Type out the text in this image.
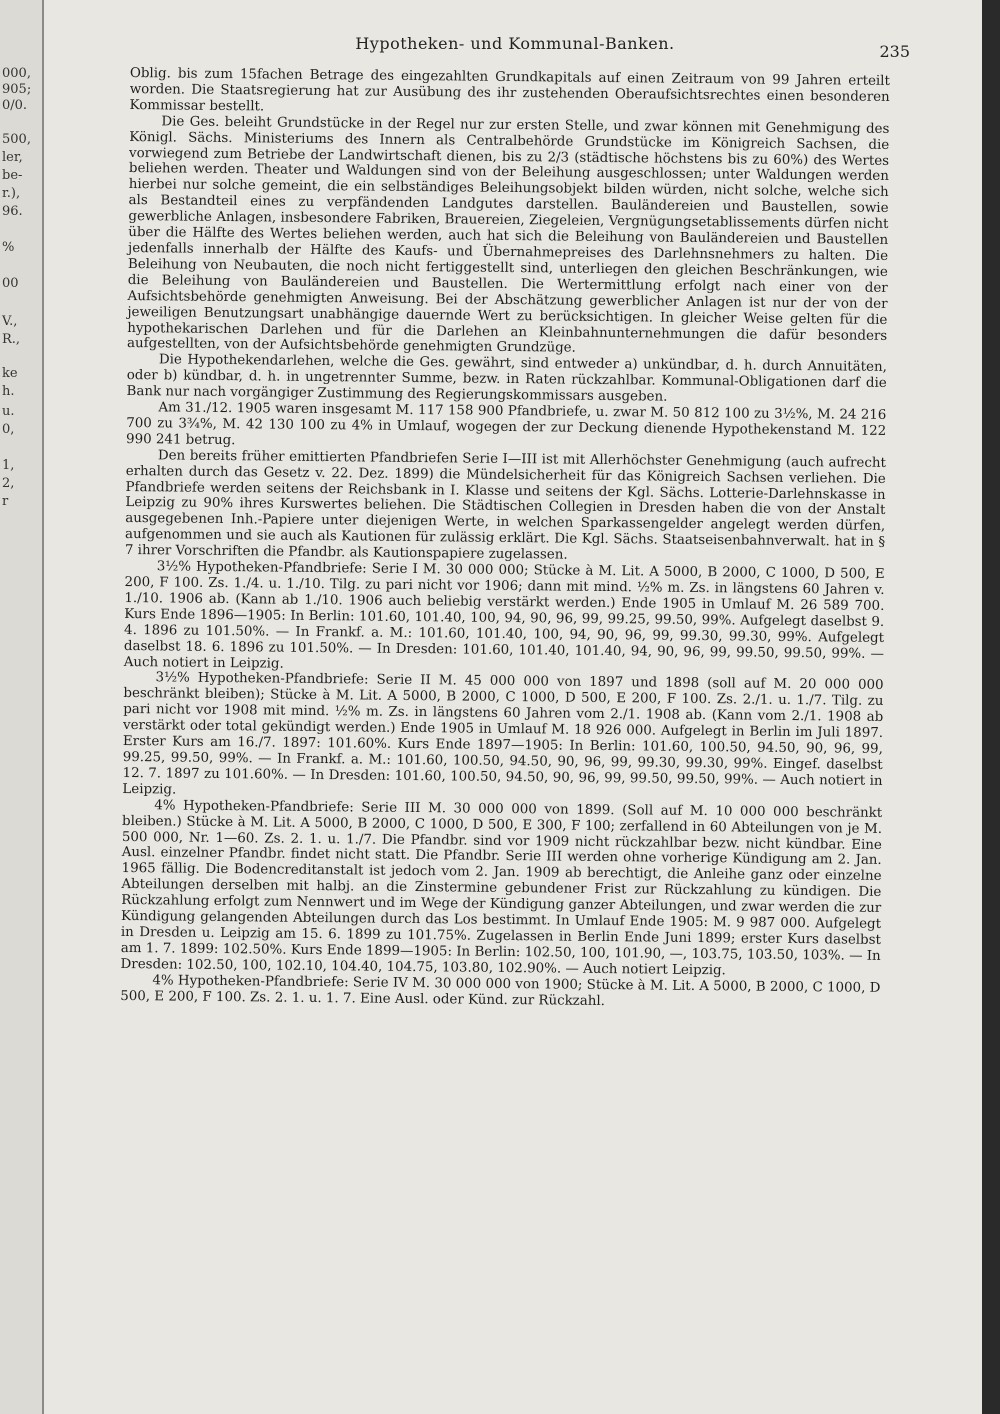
000,
905;
0/0.
500,
ler,
be-
r.),
96.
%
00
V.,
R.,
ke
h.
u.
0,
1,
2,
r
Hypotheken- und Kommunal-Banken.	235

Oblig. bis zum 15fachen Betrage des eingezahlten Grundkapitals auf einen Zeitraum von 99 Jahren erteilt worden. Die Staatsregierung hat zur Ausübung des ihr zustehenden Oberaufsichtsrechtes einen besonderen Kommissar bestellt.

Die Ges. beleiht Grundstücke in der Regel nur zur ersten Stelle, und zwar können mit Genehmigung des Königl. Sächs. Ministeriums des Innern als Centralbehörde Grundstücke im Königreich Sachsen, die vorwiegend zum Betriebe der Landwirtschaft dienen, bis zu 2/3 (städtische höchstens bis zu 60%) des Wertes beliehen werden. Theater und Waldungen sind von der Beleihung ausgeschlossen; unter Waldungen werden hierbei nur solche gemeint, die ein selbständiges Beleihungsobjekt bilden würden, nicht solche, welche sich als Bestandteil eines zu verpfändenden Landgutes darstellen. Bauländereien und Baustellen, sowie gewerbliche Anlagen, insbesondere Fabriken, Brauereien, Ziegeleien, Vergnügungsetablissements dürfen nicht über die Hälfte des Wertes beliehen werden, auch hat sich die Beleihung von Bauländereien und Baustellen jedenfalls innerhalb der Hälfte des Kaufs- und Übernahmepreises des Darlehnsnehmers zu halten. Die Beleihung von Neubauten, die noch nicht fertiggestellt sind, unterliegen den gleichen Beschränkungen, wie die Beleihung von Bauländereien und Baustellen. Die Wertermittlung erfolgt nach einer von der Aufsichtsbehörde genehmigten Anweisung. Bei der Abschätzung gewerblicher Anlagen ist nur der von der jeweiligen Benutzungsart unabhängige dauernde Wert zu berücksichtigen. In gleicher Weise gelten für die hypothekarischen Darlehen und für die Darlehen an Kleinbahnunternehmungen die dafür besonders aufgestellten, von der Aufsichtsbehörde genehmigten Grundzüge.

Die Hypothekendarlehen, welche die Ges. gewährt, sind entweder a) unkündbar, d. h. durch Annuitäten, oder b) kündbar, d. h. in ungetrennter Summe, bezw. in Raten rückzahlbar. Kommunal-Obligationen darf die Bank nur nach vorgängiger Zustimmung des Regierungskommissars ausgeben.

Am 31./12. 1905 waren insgesamt M. 117 158 900 Pfandbriefe, u. zwar M. 50 812 100 zu 3½%, M. 24 216 700 zu 3¾%, M. 42 130 100 zu 4% in Umlauf, wogegen der zur Deckung dienende Hypothekenstand M. 122 990 241 betrug.

Den bereits früher emittierten Pfandbriefen Serie I—III ist mit Allerhöchster Genehmigung (auch aufrecht erhalten durch das Gesetz v. 22. Dez. 1899) die Mündelsicherheit für das Königreich Sachsen verliehen. Die Pfandbriefe werden seitens der Reichsbank in I. Klasse und seitens der Kgl. Sächs. Lotterie-Darlehnskasse in Leipzig zu 90% ihres Kurswertes beliehen. Die Städtischen Collegien in Dresden haben die von der Anstalt ausgegebenen Inh.-Papiere unter diejenigen Werte, in welchen Sparkassengelder angelegt werden dürfen, aufgenommen und sie auch als Kautionen für zulässig erklärt. Die Kgl. Sächs. Staatseisenbahnverwalt. hat in § 7 ihrer Vorschriften die Pfandbr. als Kautionspapiere zugelassen.

3½% Hypotheken-Pfandbriefe: Serie I M. 30 000 000; Stücke à M. Lit. A 5000, B 2000, C 1000, D 500, E 200, F 100. Zs. 1./4. u. 1./10. Tilg. zu pari nicht vor 1906; dann mit mind. ½% m. Zs. in längstens 60 Jahren v. 1./10. 1906 ab. (Kann ab 1./10. 1906 auch beliebig verstärkt werden.) Ende 1905 in Umlauf M. 26 589 700. Kurs Ende 1896—1905: In Berlin: 101.60, 101.40, 100, 94, 90, 96, 99, 99.25, 99.50, 99%. Aufgelegt daselbst 9. 4. 1896 zu 101.50%. — In Frankf. a. M.: 101.60, 101.40, 100, 94, 90, 96, 99, 99.30, 99.30, 99%. Aufgelegt daselbst 18. 6. 1896 zu 101.50%. — In Dresden: 101.60, 101.40, 101.40, 94, 90, 96, 99, 99.50, 99.50, 99%. — Auch notiert in Leipzig.

3½% Hypotheken-Pfandbriefe: Serie II M. 45 000 000 von 1897 und 1898 (soll auf M. 20 000 000 beschränkt bleiben); Stücke à M. Lit. A 5000, B 2000, C 1000, D 500, E 200, F 100. Zs. 2./1. u. 1./7. Tilg. zu pari nicht vor 1908 mit mind. ½% m. Zs. in längstens 60 Jahren vom 2./1. 1908 ab. (Kann vom 2./1. 1908 ab verstärkt oder total gekündigt werden.) Ende 1905 in Umlauf M. 18 926 000. Aufgelegt in Berlin im Juli 1897. Erster Kurs am 16./7. 1897: 101.60%. Kurs Ende 1897—1905: In Berlin: 101.60, 100.50, 94.50, 90, 96, 99, 99.25, 99.50, 99%. — In Frankf. a. M.: 101.60, 100.50, 94.50, 90, 96, 99, 99.30, 99.30, 99%. Eingef. daselbst 12. 7. 1897 zu 101.60%. — In Dresden: 101.60, 100.50, 94.50, 90, 96, 99, 99.50, 99.50, 99%. — Auch notiert in Leipzig.

4% Hypotheken-Pfandbriefe: Serie III M. 30 000 000 von 1899. (Soll auf M. 10 000 000 beschränkt bleiben.) Stücke à M. Lit. A 5000, B 2000, C 1000, D 500, E 300, F 100; zerfallend in 60 Abteilungen von je M. 500 000, Nr. 1—60. Zs. 2. 1. u. 1./7. Die Pfandbr. sind vor 1909 nicht rückzahlbar bezw. nicht kündbar. Eine Ausl. einzelner Pfandbr. findet nicht statt. Die Pfandbr. Serie III werden ohne vorherige Kündigung am 2. Jan. 1965 fällig. Die Bodencreditanstalt ist jedoch vom 2. Jan. 1909 ab berechtigt, die Anleihe ganz oder einzelne Abteilungen derselben mit halbj. an die Zinstermine gebundener Frist zur Rückzahlung zu kündigen. Die Rückzahlung erfolgt zum Nennwert und im Wege der Kündigung ganzer Abteilungen, und zwar werden die zur Kündigung gelangenden Abteilungen durch das Los bestimmt. In Umlauf Ende 1905: M. 9 987 000. Aufgelegt in Dresden u. Leipzig am 15. 6. 1899 zu 101.75%. Zugelassen in Berlin Ende Juni 1899; erster Kurs daselbst am 1. 7. 1899: 102.50%. Kurs Ende 1899—1905: In Berlin: 102.50, 100, 101.90, —, 103.75, 103.50, 103%. — In Dresden: 102.50, 100, 102.10, 104.40, 104.75, 103.80, 102.90%. — Auch notiert Leipzig.

4% Hypotheken-Pfandbriefe: Serie IV M. 30 000 000 von 1900; Stücke à M. Lit. A 5000, B 2000, C 1000, D 500, E 200, F 100. Zs. 2. 1. u. 1. 7. Eine Ausl. oder Künd. zur Rückzahl.
